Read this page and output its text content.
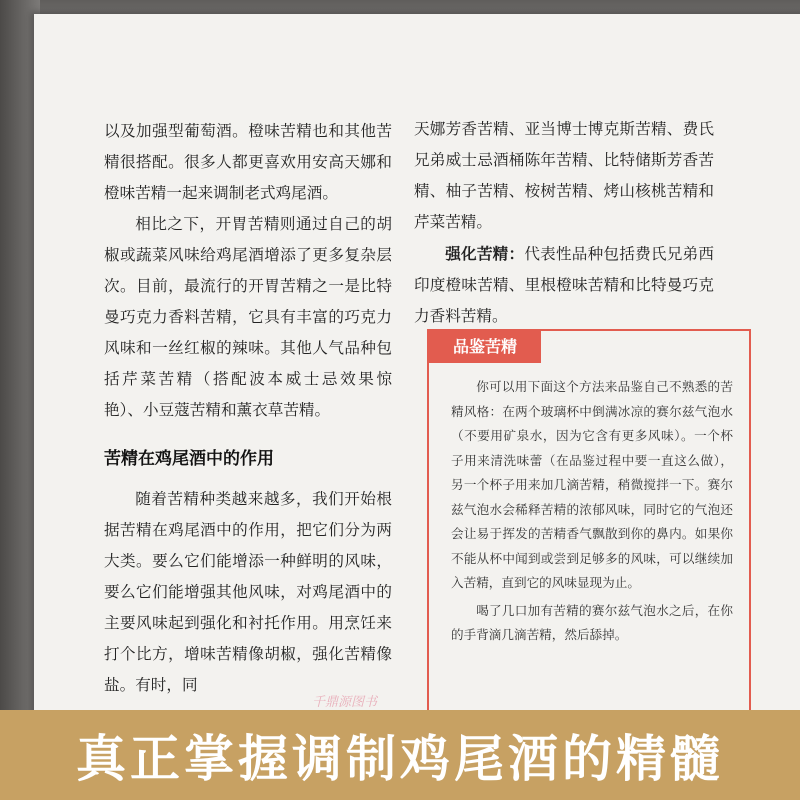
以及加强型葡萄酒。橙味苦精也和其他苦精很搭配。很多人都更喜欢用安高天娜和橙味苦精一起来调制老式鸡尾酒。

相比之下，开胃苦精则通过自己的胡椒或蔬菜风味给鸡尾酒增添了更多复杂层次。目前，最流行的开胃苦精之一是比特曼巧克力香料苦精，它具有丰富的巧克力风味和一丝红椒的辣味。其他人气品种包括芹菜苦精（搭配波本威士忌效果惊艳）、小豆蔻苦精和薰衣草苦精。

苦精在鸡尾酒中的作用

随着苦精种类越来越多，我们开始根据苦精在鸡尾酒中的作用，把它们分为两大类。要么它们能增添一种鲜明的风味，要么它们能增强其他风味，对鸡尾酒中的主要风味起到强化和衬托作用。用烹饪来打个比方，增味苦精像胡椒，强化苦精像盐。有时，同

天娜芳香苦精、亚当博士博克斯苦精、费氏兄弟威士忌酒桶陈年苦精、比特储斯芳香苦精、柚子苦精、桉树苦精、烤山核桃苦精和芹菜苦精。

强化苦精：代表性品种包括费氏兄弟西印度橙味苦精、里根橙味苦精和比特曼巧克力香料苦精。

品鉴苦精

你可以用下面这个方法来品鉴自己不熟悉的苦精风格：在两个玻璃杯中倒满冰凉的赛尔兹气泡水（不要用矿泉水，因为它含有更多风味）。一个杯子用来清洗味蕾（在品鉴过程中要一直这么做），另一个杯子用来加几滴苦精，稍微搅拌一下。赛尔兹气泡水会稀释苦精的浓郁风味，同时它的气泡还会让易于挥发的苦精香气飘散到你的鼻内。如果你不能从杯中闻到或尝到足够多的风味，可以继续加入苦精，直到它的风味显现为止。

喝了几口加有苦精的赛尔兹气泡水之后，在你的手背滴几滴苦精，然后舔掉。

千鼎源图书
真正掌握调制鸡尾酒的精髓
